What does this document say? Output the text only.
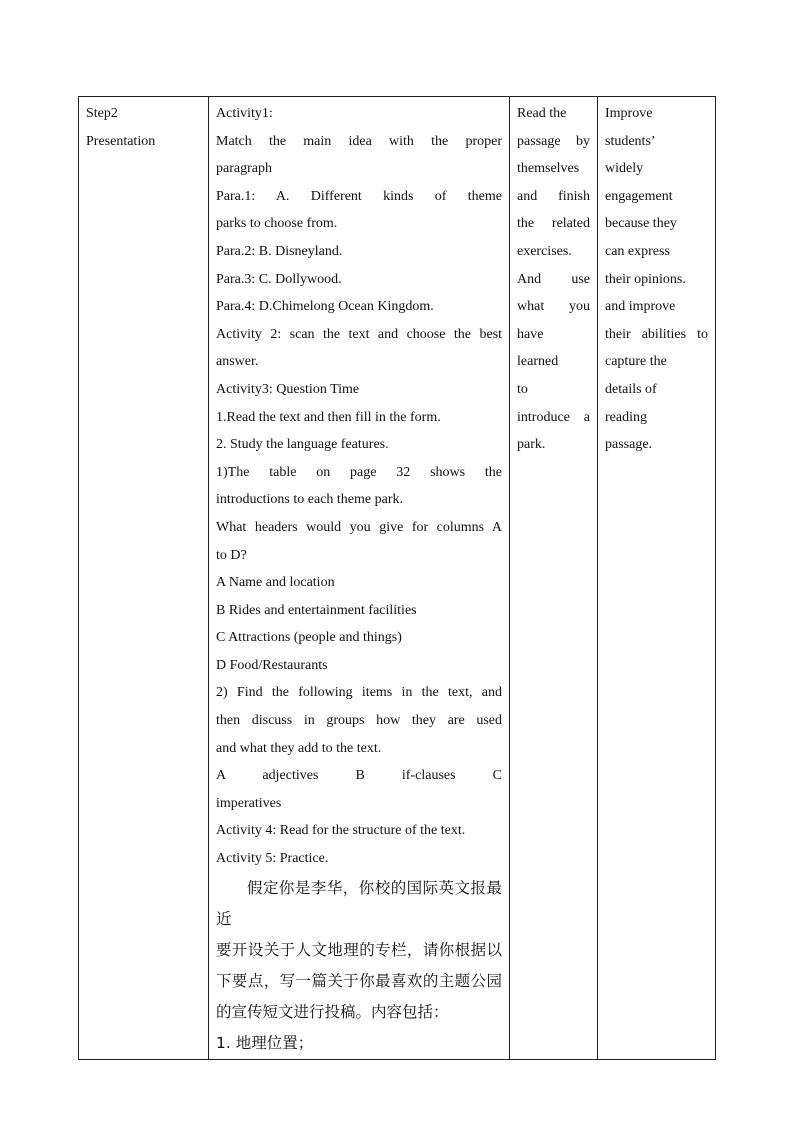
Step2
Presentation

Activity1:
Match the main idea with the proper
paragraph
Para.1: A. Different kinds of theme
parks to choose from.
Para.2: B. Disneyland.
Para.3: C. Dollywood.
Para.4: D.Chimelong Ocean Kingdom.
Activity 2: scan the text and choose the best
answer.
Activity3: Question Time
1.Read the text and then fill in the form.
2. Study the language features.
1)The table on page 32 shows the
introductions to each theme park.
What headers would you give for columns A
to D?
A Name and location
B Rides and entertainment facilities
C Attractions (people and things)
D Food/Restaurants
2) Find the following items in the text, and
then discuss in groups how they are used
and what they add to the text.
A adjectives B if-clauses C
imperatives
Activity 4: Read for the structure of the text.
Activity 5: Practice.
假定你是李华，你校的国际英文报最近
要开设关于人文地理的专栏，请你根据以
下要点，写一篇关于你最喜欢的主题公园
的宣传短文进行投稿。内容包括：
1. 地理位置；

Read the
passage by
themselves
and finish
the related
exercises.
And use
what you
have
learned
to
introduce a
park.

Improve
students’
widely
engagement
because they
can express
their opinions.
and improve
their abilities to
capture the
details of
reading
passage.
